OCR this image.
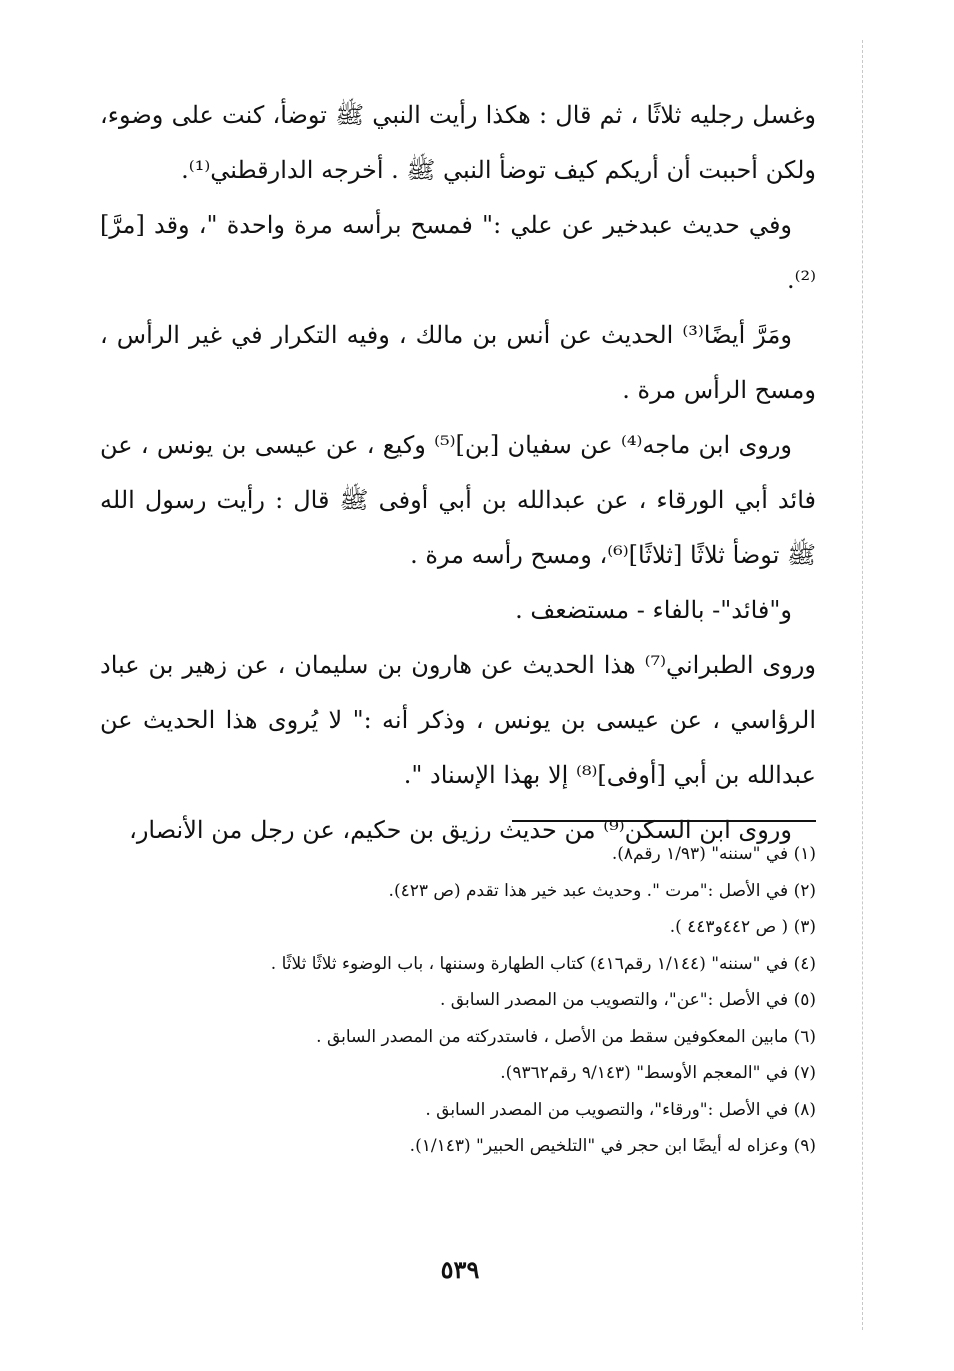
وغسل رجليه ثلاثًا ، ثم قال : هكذا رأيت النبي ﷺ توضأ، كنت على وضوء، ولكن أحببت أن أريكم كيف توضأ النبي ﷺ . أخرجه الدارقطني⁽¹⁾.

وفي حديث عبدخير عن علي :" فمسح برأسه مرة واحدة "، وقد [مرَّ]⁽²⁾.

ومَرَّ أيضًا⁽³⁾ الحديث عن أنس بن مالك ، وفيه التكرار في غير الرأس ، ومسح الرأس مرة .

وروى ابن ماجه⁽⁴⁾ عن سفيان [بن]⁽⁵⁾ وكيع ، عن عيسى بن يونس ، عن فائد أبي الورقاء ، عن عبدالله بن أبي أوفى ﷺ قال : رأيت رسول الله ﷺ توضأ ثلاثًا [ثلاثًا]⁽⁶⁾، ومسح رأسه مرة .

و"فائد"- بالفاء - مستضعف .

وروى الطبراني⁽⁷⁾ هذا الحديث عن هارون بن سليمان ، عن زهير بن عباد الرؤاسي ، عن عيسى بن يونس ، وذكر أنه :" لا يُروى هذا الحديث عن عبدالله بن أبي [أوفى]⁽⁸⁾ إلا بهذا الإسناد ".

وروى ابن السكن⁽⁹⁾ من حديث رزيق بن حكيم، عن رجل من الأنصار،

(١) في "سننه" (١/٩٣ رقم٨).

(٢) في الأصل :"مرت ". وحديث عبد خير هذا تقدم (ص ٤٢٣).

(٣) ( ص ٤٤٢و٤٤٣ ).

(٤) في "سننه" (١/١٤٤ رقم٤١٦) كتاب الطهارة وسننها ، باب الوضوء ثلاثًا ثلاثًا .

(٥) في الأصل :"عن"، والتصويب من المصدر السابق .

(٦) مابين المعكوفين سقط من الأصل ، فاستدركته من المصدر السابق .

(٧) في "المعجم الأوسط" (٩/١٤٣ رقم٩٣٦٢).

(٨) في الأصل :"ورقاء"، والتصويب من المصدر السابق .

(٩) وعزاه له أيضًا ابن حجر في "التلخيص الحبير" (١/١٤٣).

٥٣٩
